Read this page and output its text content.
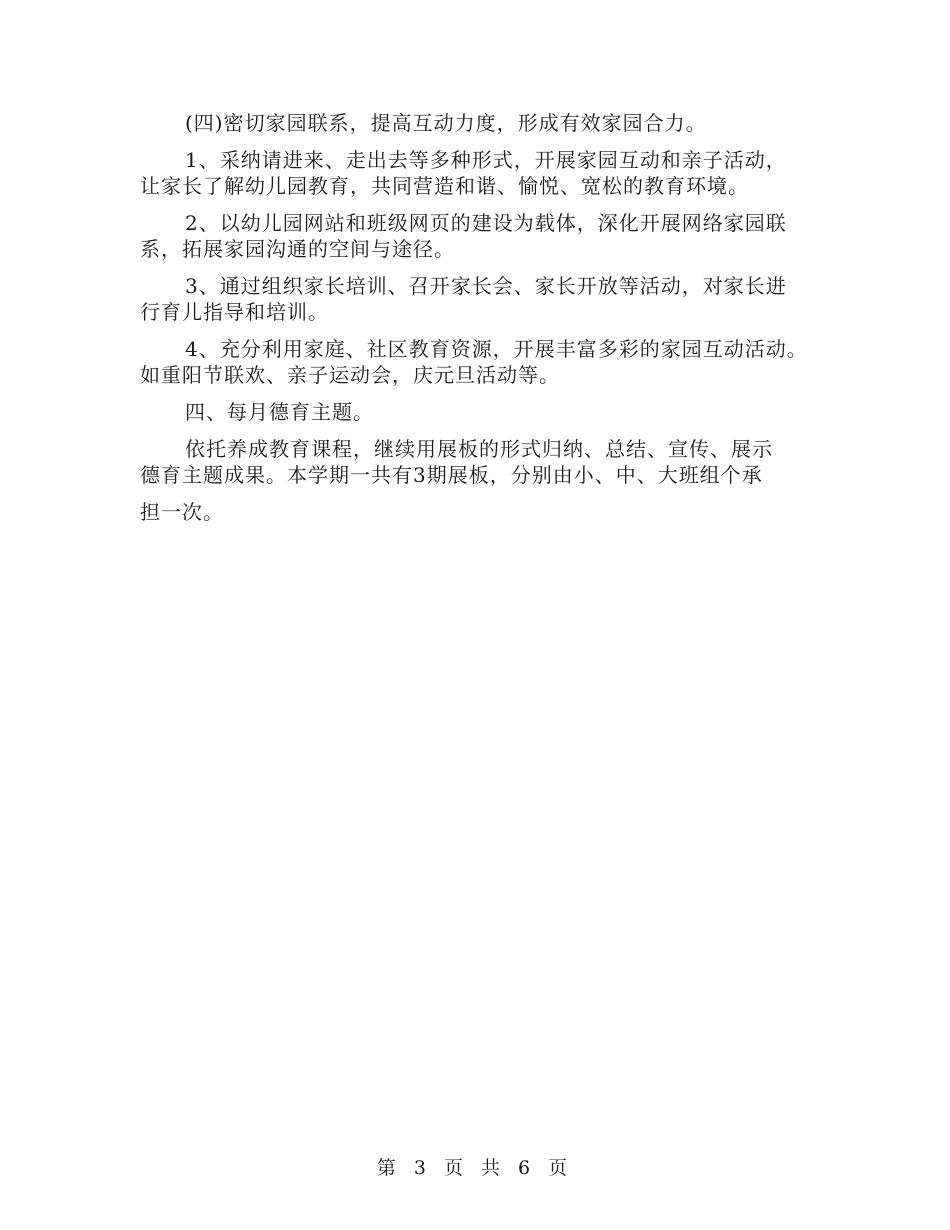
(四)密切家园联系，提高互动力度，形成有效家园合力。
1、采纳请进来、走出去等多种形式，开展家园互动和亲子活动，
让家长了解幼儿园教育，共同营造和谐、愉悦、宽松的教育环境。
2、以幼儿园网站和班级网页的建设为载体，深化开展网络家园联
系，拓展家园沟通的空间与途径。
3、通过组织家长培训、召开家长会、家长开放等活动，对家长进
行育儿指导和培训。
4、充分利用家庭、社区教育资源，开展丰富多彩的家园互动活动。
如重阳节联欢、亲子运动会，庆元旦活动等。
四、每月德育主题。
依托养成教育课程，继续用展板的形式归纳、总结、宣传、展示
德育主题成果。本学期一共有3期展板，分别由小、中、大班组个承
担一次。
第 3 页 共 6 页
